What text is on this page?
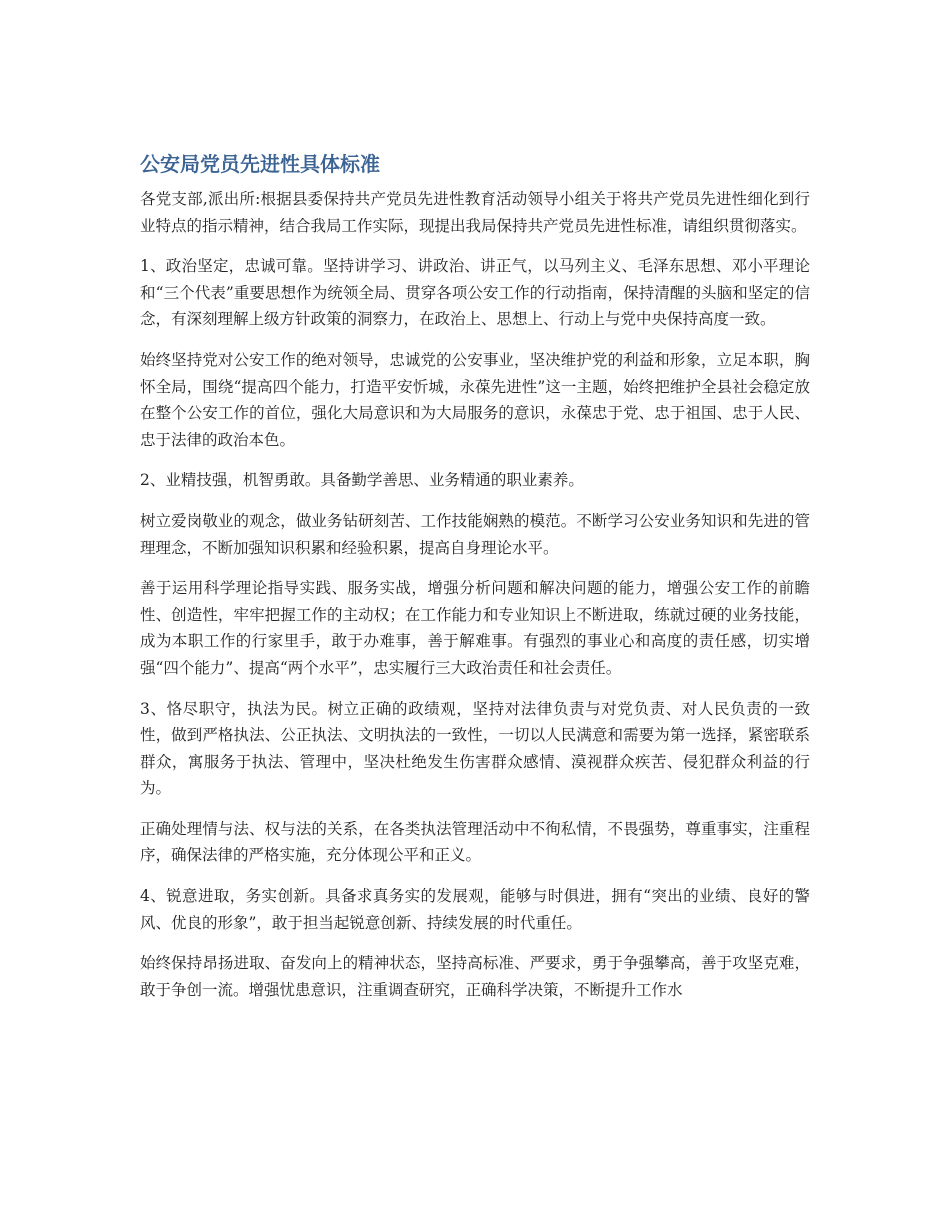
公安局党员先进性具体标准

各党支部,派出所:根据县委保持共产党员先进性教育活动领导小组关于将共产党员先进性细化到行业特点的指示精神，结合我局工作实际，现提出我局保持共产党员先进性标准，请组织贯彻落实。

1、政治坚定，忠诚可靠。坚持讲学习、讲政治、讲正气，以马列主义、毛泽东思想、邓小平理论和“三个代表”重要思想作为统领全局、贯穿各项公安工作的行动指南，保持清醒的头脑和坚定的信念，有深刻理解上级方针政策的洞察力，在政治上、思想上、行动上与党中央保持高度一致。

始终坚持党对公安工作的绝对领导，忠诚党的公安事业，坚决维护党的利益和形象，立足本职，胸怀全局，围绕“提高四个能力，打造平安忻城，永葆先进性”这一主题，始终把维护全县社会稳定放在整个公安工作的首位，强化大局意识和为大局服务的意识，永葆忠于党、忠于祖国、忠于人民、忠于法律的政治本色。

2、业精技强，机智勇敢。具备勤学善思、业务精通的职业素养。

树立爱岗敬业的观念，做业务钻研刻苦、工作技能娴熟的模范。不断学习公安业务知识和先进的管理理念，不断加强知识积累和经验积累，提高自身理论水平。

善于运用科学理论指导实践、服务实战，增强分析问题和解决问题的能力，增强公安工作的前瞻性、创造性，牢牢把握工作的主动权；在工作能力和专业知识上不断进取，练就过硬的业务技能，成为本职工作的行家里手，敢于办难事，善于解难事。有强烈的事业心和高度的责任感，切实增强“四个能力”、提高“两个水平”，忠实履行三大政治责任和社会责任。

3、恪尽职守，执法为民。树立正确的政绩观，坚持对法律负责与对党负责、对人民负责的一致性，做到严格执法、公正执法、文明执法的一致性，一切以人民满意和需要为第一选择，紧密联系群众，寓服务于执法、管理中，坚决杜绝发生伤害群众感情、漠视群众疾苦、侵犯群众利益的行为。

正确处理情与法、权与法的关系，在各类执法管理活动中不徇私情，不畏强势，尊重事实，注重程序，确保法律的严格实施，充分体现公平和正义。

4、锐意进取，务实创新。具备求真务实的发展观，能够与时俱进，拥有“突出的业绩、良好的警风、优良的形象”，敢于担当起锐意创新、持续发展的时代重任。

始终保持昂扬进取、奋发向上的精神状态，坚持高标准、严要求，勇于争强攀高，善于攻坚克难，敢于争创一流。增强忧患意识，注重调查研究，正确科学决策，不断提升工作水
